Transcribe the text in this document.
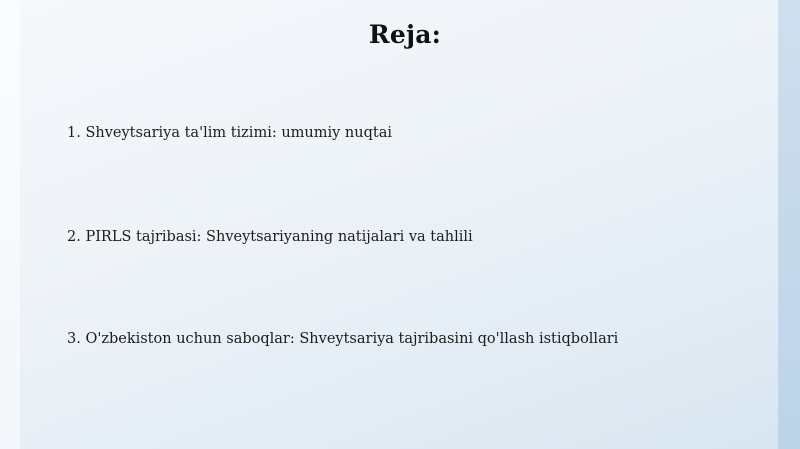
Reja:
1. Shveytsariya ta'lim tizimi: umumiy nuqtai
2. PIRLS tajribasi: Shveytsariyaning natijalari va tahlili
3. O'zbekiston uchun saboqlar: Shveytsariya tajribasini qo'llash istiqbollari
